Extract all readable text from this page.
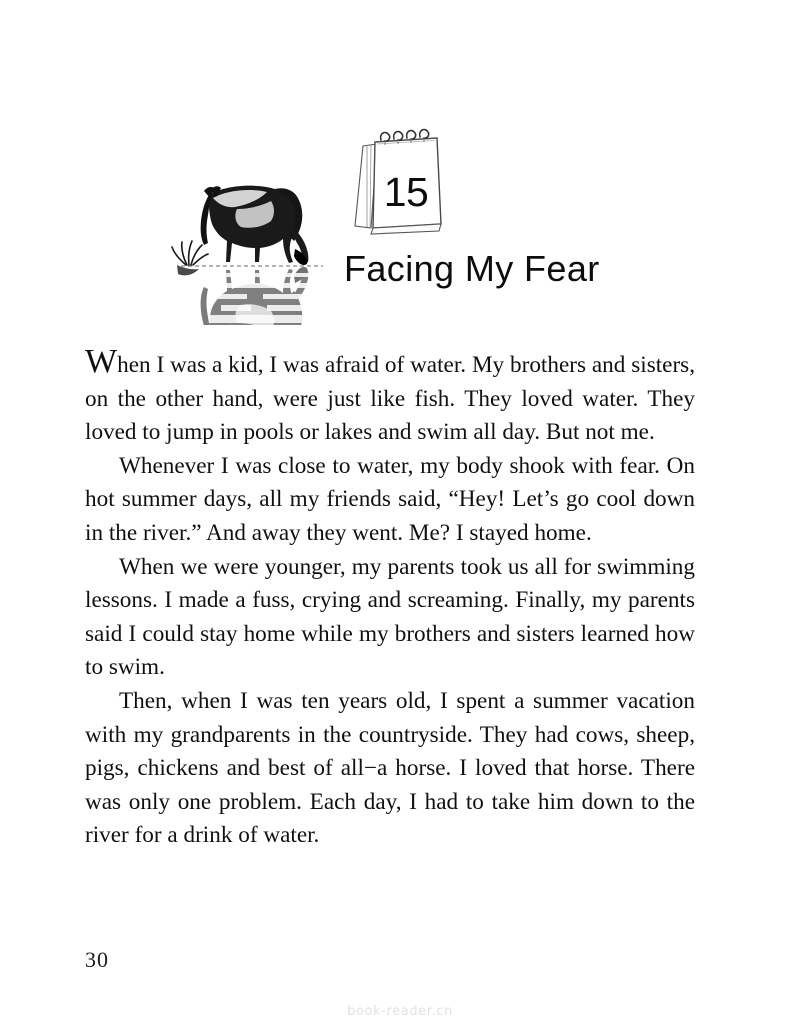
15
Facing My Fear

When I was a kid, I was afraid of water. My brothers and sisters, on the other hand, were just like fish. They loved water. They loved to jump in pools or lakes and swim all day. But not me.

Whenever I was close to water, my body shook with fear. On hot summer days, all my friends said, “Hey! Let’s go cool down in the river.” And away they went. Me? I stayed home.

When we were younger, my parents took us all for swimming lessons. I made a fuss, crying and screaming. Finally, my parents said I could stay home while my brothers and sisters learned how to swim.

Then, when I was ten years old, I spent a summer vacation with my grandparents in the countryside. They had cows, sheep, pigs, chickens and best of all−a horse. I loved that horse. There was only one problem. Each day, I had to take him down to the river for a drink of water.

30
book-reader.cn
